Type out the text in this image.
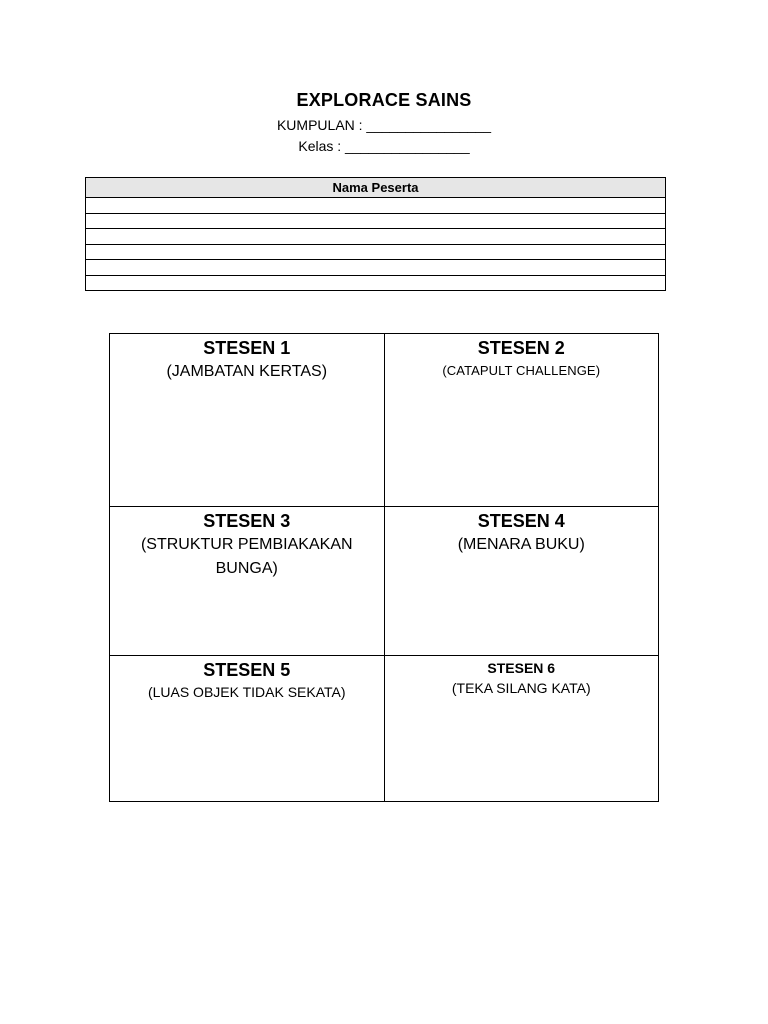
EXPLORACE SAINS
KUMPULAN : ________________
Kelas : ________________
Nama Peserta

STESEN 1
(JAMBATAN KERTAS)	STESEN 2
(CATAPULT CHALLENGE)

STESEN 3
(STRUKTUR PEMBIAKAKAN BUNGA)	STESEN 4
(MENARA BUKU)

STESEN 5
(LUAS OBJEK TIDAK SEKATA)	STESEN 6
(TEKA SILANG KATA)
